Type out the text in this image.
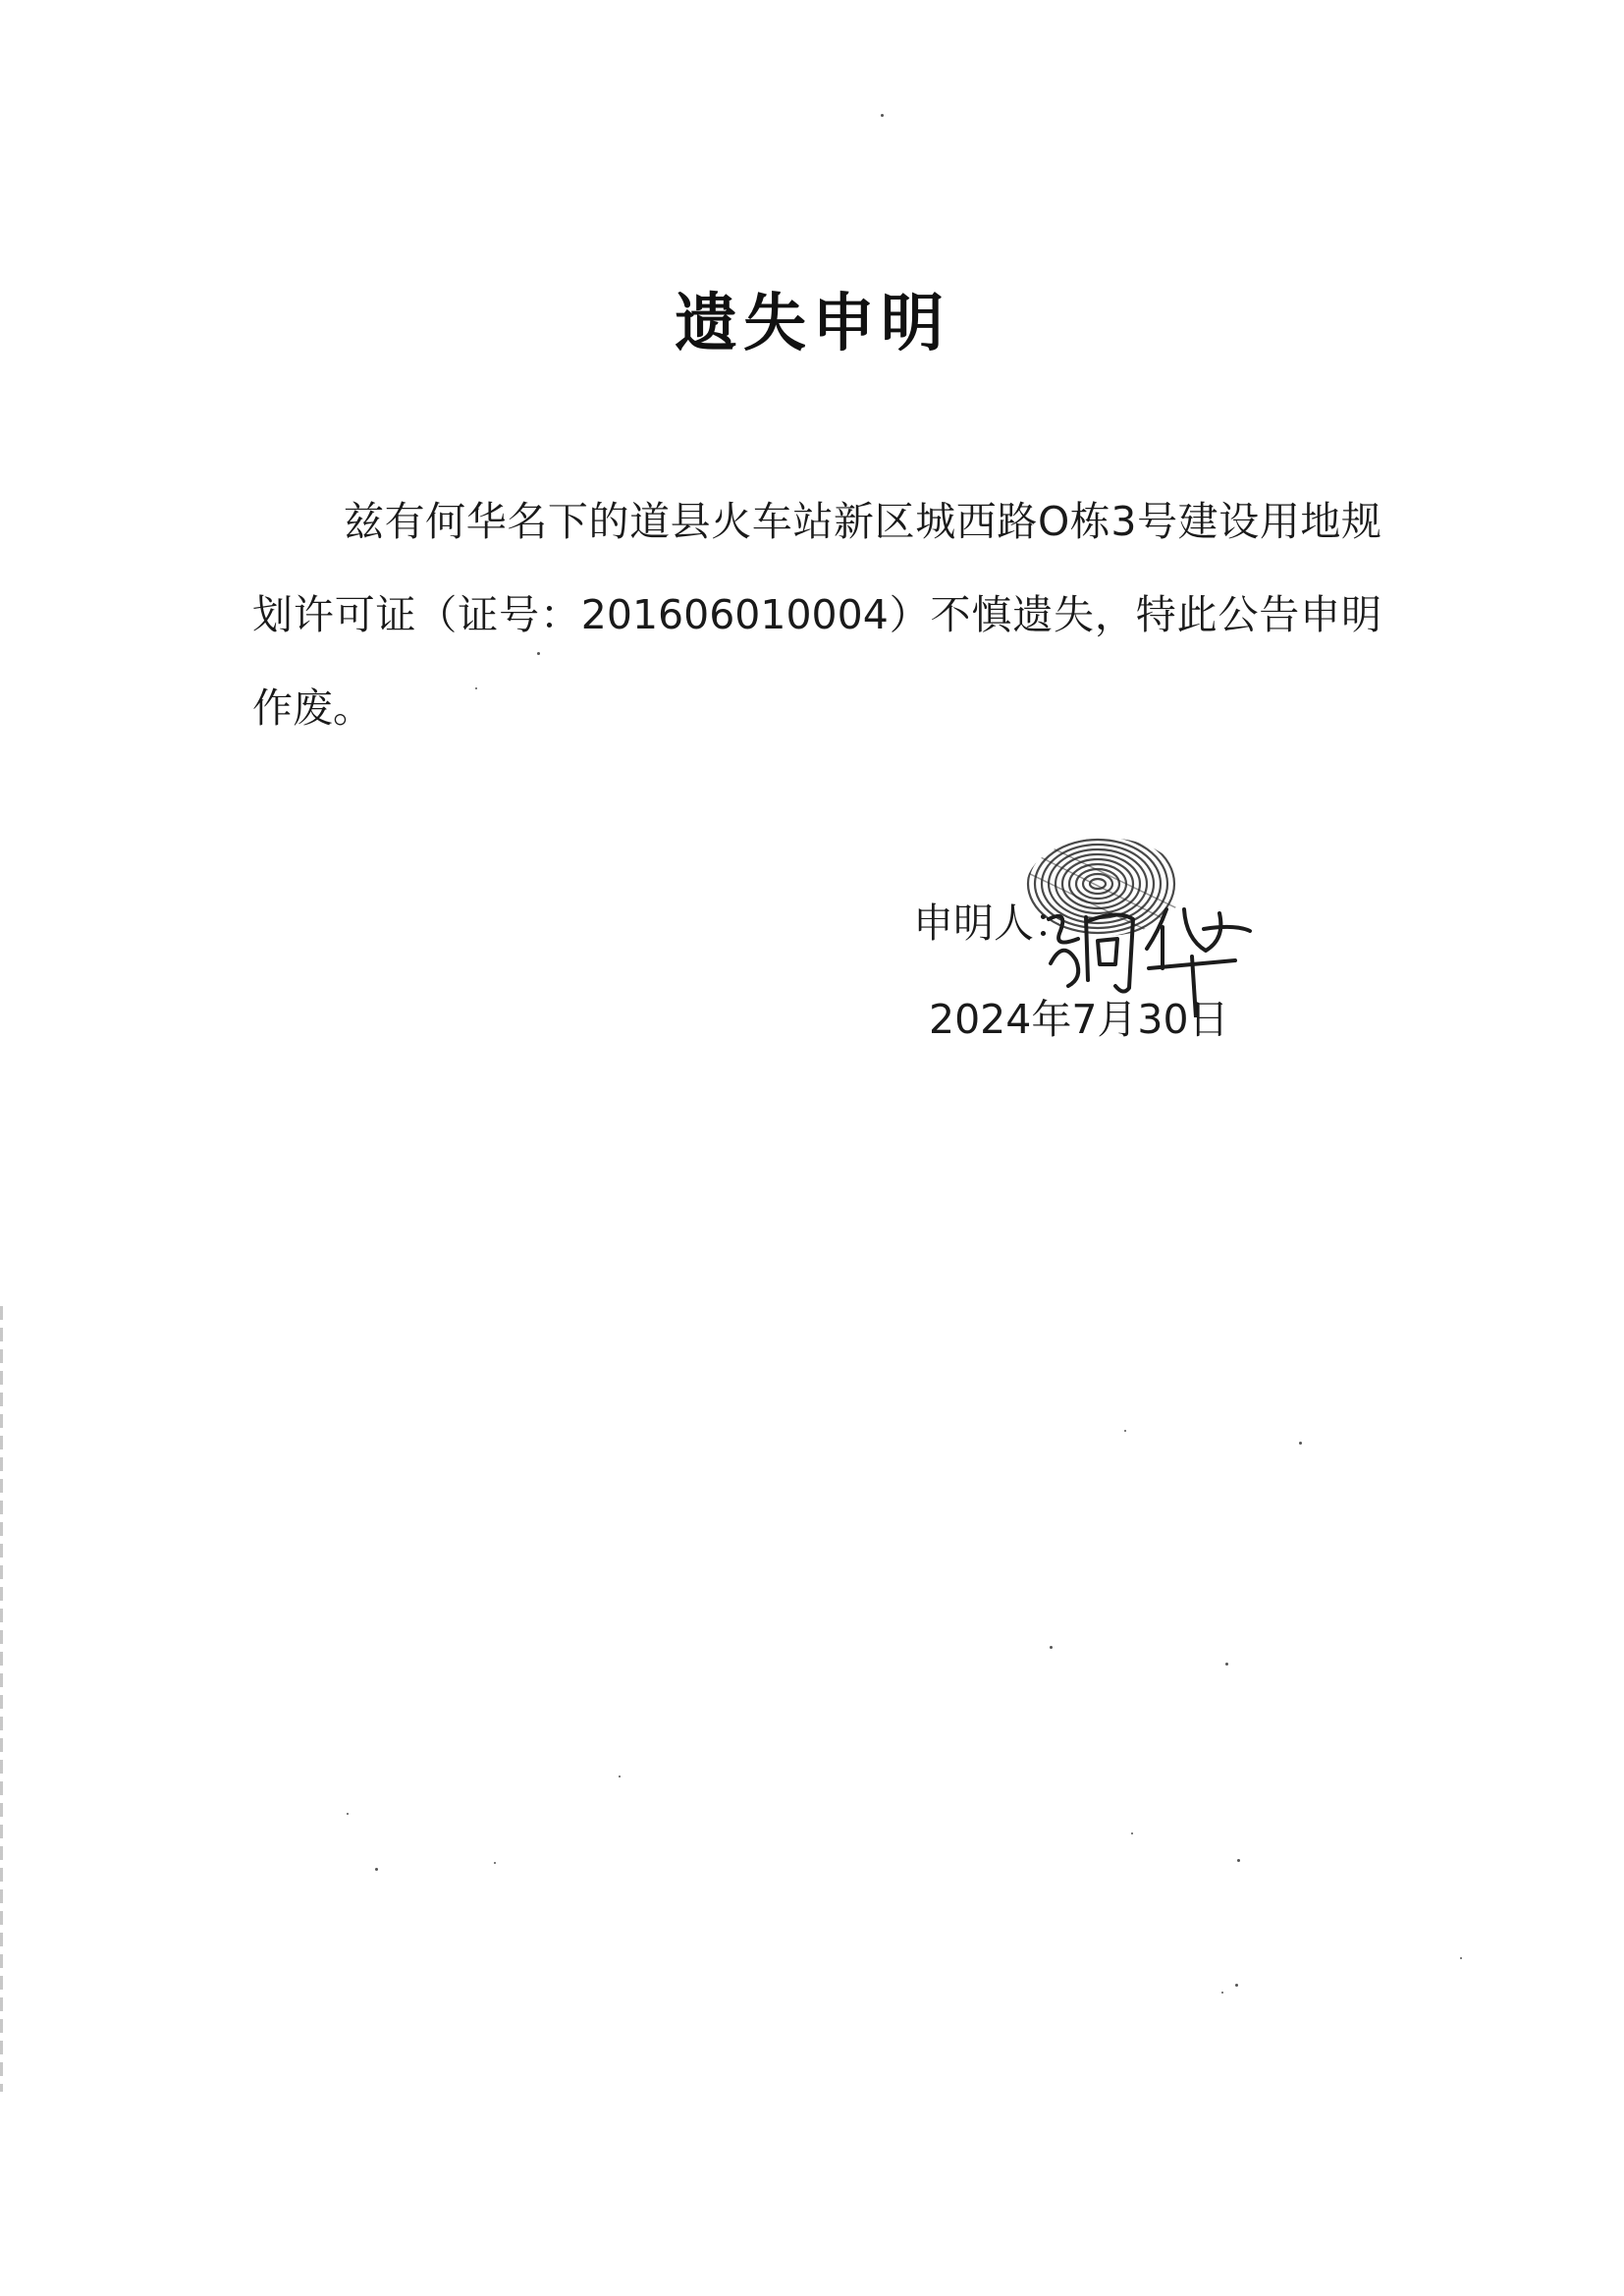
遗失申明

兹有何华名下的道县火车站新区城西路O栋3号建设用地规划许可证（证号：201606010004）不慎遗失，特此公告申明作废。

申明人：
2024年7月30日
